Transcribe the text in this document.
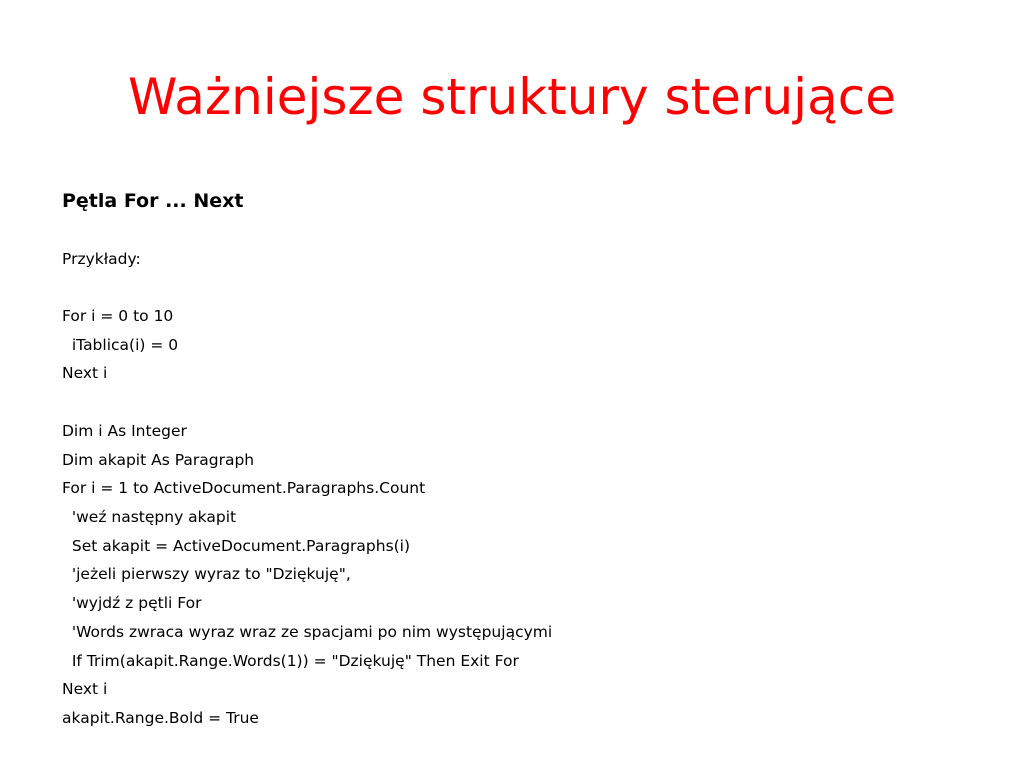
Ważniejsze struktury sterujące
Pętla For ... Next
Przykłady:
For i = 0 to 10
iTablica(i) = 0
Next i
Dim i As Integer
Dim akapit As Paragraph
For i = 1 to ActiveDocument.Paragraphs.Count
'weź następny akapit
Set akapit = ActiveDocument.Paragraphs(i)
'jeżeli pierwszy wyraz to "Dziękuję",
'wyjdź z pętli For
'Words zwraca wyraz wraz ze spacjami po nim występującymi
If Trim(akapit.Range.Words(1)) = "Dziękuję" Then Exit For
Next i
akapit.Range.Bold = True
